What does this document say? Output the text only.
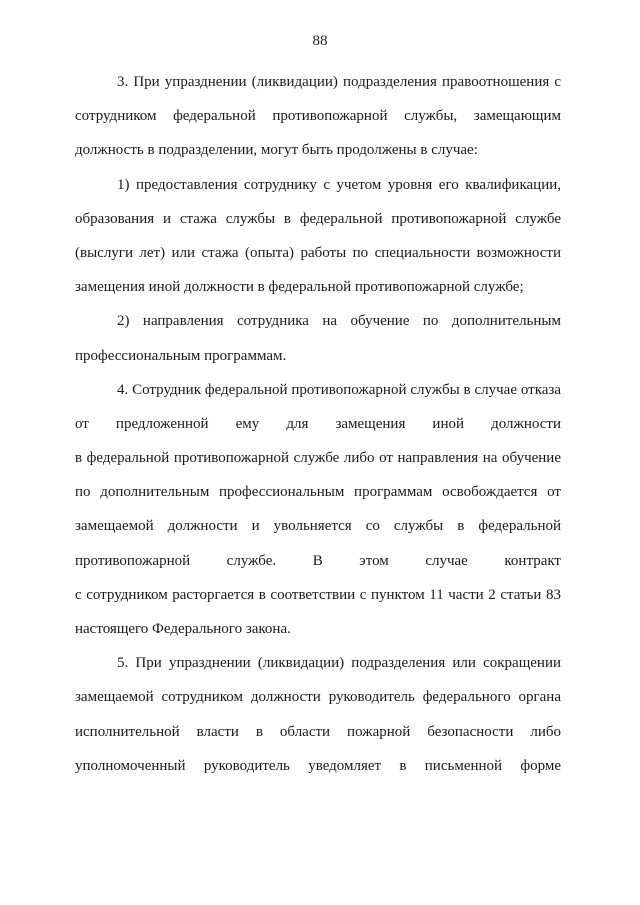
88
3. При упразднении (ликвидации) подразделения правоотношения с
сотрудником федеральной противопожарной службы, замещающим
должность в подразделении, могут быть продолжены в случае:
1) предоставления сотруднику с учетом уровня его квалификации,
образования и стажа службы в федеральной противопожарной службе
(выслуги лет) или стажа (опыта) работы по специальности возможности
замещения иной должности в федеральной противопожарной службе;
2) направления сотрудника на обучение по дополнительным
профессиональным программам.
4. Сотрудник федеральной противопожарной службы в случае отказа
от предложенной ему для замещения иной должности
в федеральной противопожарной службе либо от направления на обучение
по дополнительным профессиональным программам освобождается от
замещаемой должности и увольняется со службы в федеральной
противопожарной службе. В этом случае контракт
с сотрудником расторгается в соответствии с пунктом 11 части 2 статьи 83
настоящего Федерального закона.
5. При упразднении (ликвидации) подразделения или сокращении
замещаемой сотрудником должности руководитель федерального органа
исполнительной власти в области пожарной безопасности либо
уполномоченный руководитель уведомляет в письменной форме
